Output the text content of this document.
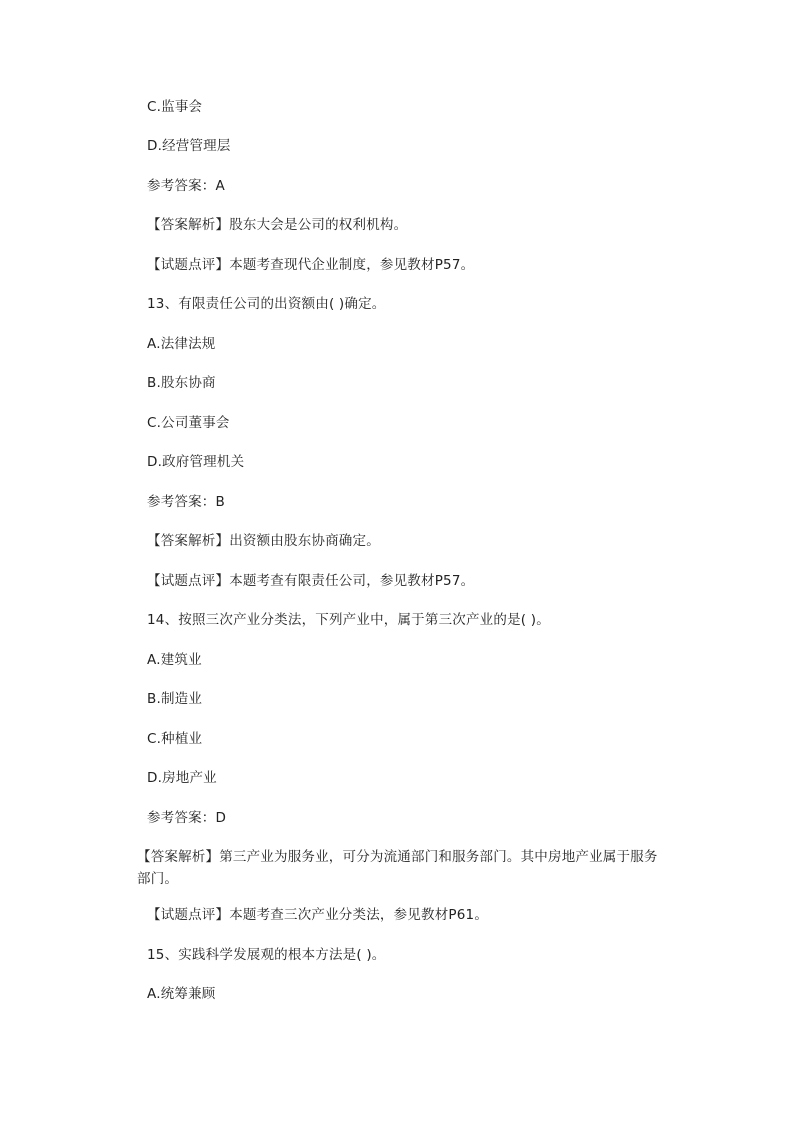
C.监事会
D.经营管理层
参考答案：A
【答案解析】股东大会是公司的权利机构。
【试题点评】本题考查现代企业制度，参见教材P57。
13、有限责任公司的出资额由( )确定。
A.法律法规
B.股东协商
C.公司董事会
D.政府管理机关
参考答案：B
【答案解析】出资额由股东协商确定。
【试题点评】本题考查有限责任公司，参见教材P57。
14、按照三次产业分类法，下列产业中，属于第三次产业的是( )。
A.建筑业
B.制造业
C.种植业
D.房地产业
参考答案：D
【答案解析】第三产业为服务业，可分为流通部门和服务部门。其中房地产业属于服务部门。
【试题点评】本题考查三次产业分类法，参见教材P61。
15、实践科学发展观的根本方法是( )。
A.统筹兼顾
